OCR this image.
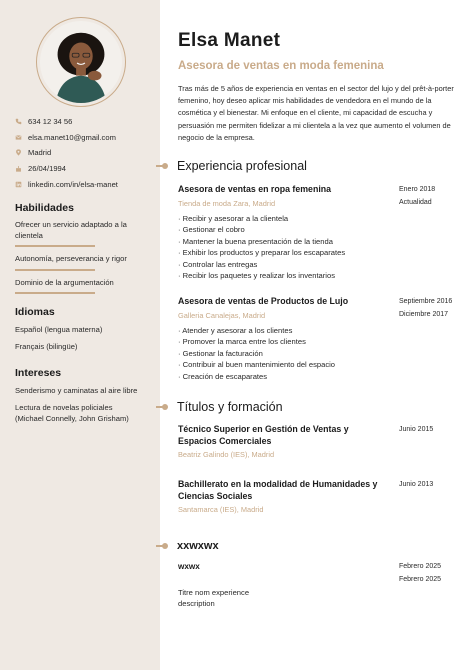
634 12 34 56
elsa.manet10@gmail.com
Madrid
26/04/1994
linkedin.com/in/elsa-manet
Habilidades
Ofrecer un servicio adaptado a la clientela
Autonomía, perseverancia y rigor
Dominio de la argumentación
Idiomas
Español (lengua materna)
Français (bilingüe)
Intereses
Senderismo y caminatas al aire libre
Lectura de novelas policiales (Michael Connelly, John Grisham)
Elsa Manet
Asesora de ventas en moda femenina

Tras más de 5 años de experiencia en ventas en el sector del lujo y del prêt-à-porter femenino, hoy deseo aplicar mis habilidades de vendedora en el mundo de la cosmética y el bienestar. Mi enfoque en el cliente, mi capacidad de escucha y persuasión me permiten fidelizar a mi clientela a la vez que aumento el volumen de negocio de la empresa.

Experiencia profesional
Asesora de ventas en ropa femenina
Tienda de moda Zara, Madrid
Enero 2018
Actualidad
· Recibir y asesorar a la clientela
· Gestionar el cobro
· Mantener la buena presentación de la tienda
· Exhibir los productos y preparar los escaparates
· Controlar las entregas
· Recibir los paquetes y realizar los inventarios
Asesora de ventas de Productos de Lujo
Galleria Canalejas, Madrid
Septiembre 2016
Diciembre 2017
· Atender y asesorar a los clientes
· Promover la marca entre los clientes
· Gestionar la facturación
· Contribuir al buen mantenimiento del espacio
· Creación de escaparates
Títulos y formación
Técnico Superior en Gestión de Ventas y Espacios Comerciales
Beatriz Galindo (IES), Madrid
Junio 2015
Bachillerato en la modalidad de Humanidades y Ciencias Sociales
Santamarca (IES), Madrid
Junio 2013
xxwxwx
wxwx	Febrero 2025
Febrero 2025
Titre nom experience
description
